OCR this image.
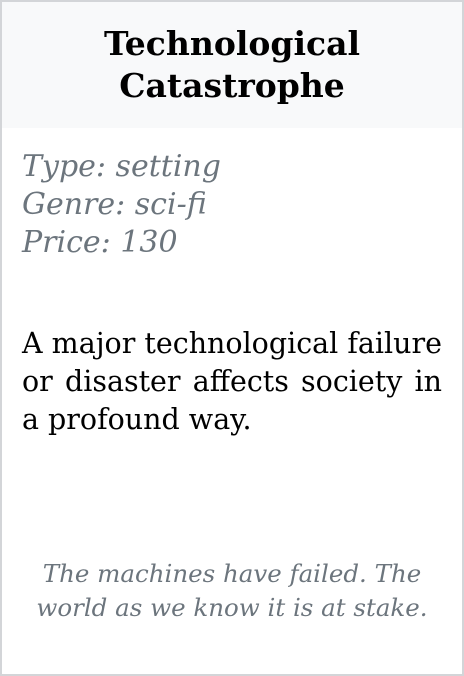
Technological Catastrophe
Type: setting
Genre: sci-fi
Price: 130

A major technological failure or disaster affects society in a profound way.

The machines have failed. The world as we know it is at stake.
